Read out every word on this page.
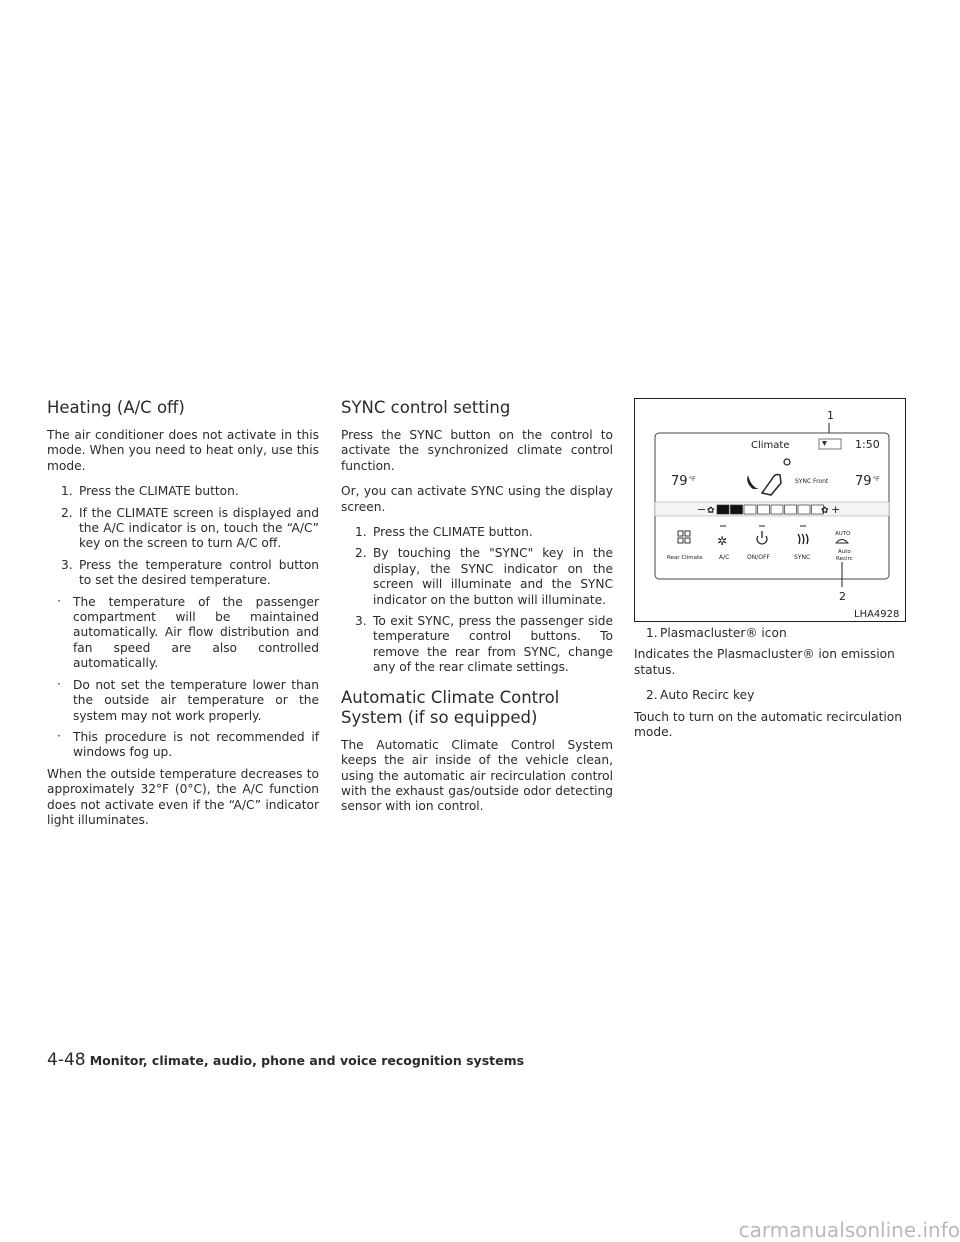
Heating (A/C off)

The air conditioner does not activate in this mode. When you need to heat only, use this mode.

1. Press the CLIMATE button.
2. If the CLIMATE screen is displayed and the A/C indicator is on, touch the “A/C” key on the screen to turn A/C off.
3. Press the temperature control button to set the desired temperature.
· The temperature of the passenger compartment will be maintained automatically. Air flow distribution and fan speed are also controlled automatically.
· Do not set the temperature lower than the outside air temperature or the system may not work properly.
· This procedure is not recommended if windows fog up.

When the outside temperature decreases to approximately 32°F (0°C), the A/C function does not activate even if the “A/C” indicator light illuminates.

SYNC control setting

Press the SYNC button on the control to activate the synchronized climate control function.

Or, you can activate SYNC using the display screen.

1. Press the CLIMATE button.
2. By touching the "SYNC" key in the display, the SYNC indicator on the screen will illuminate and the SYNC indicator on the button will illuminate.
3. To exit SYNC, press the passenger side temperature control buttons. To remove the rear from SYNC, change any of the rear climate settings.
Automatic Climate Control System (if so equipped)

The Automatic Climate Control System keeps the air inside of the vehicle clean, using the automatic air recirculation control with the exhaust gas/outside odor detecting sensor with ion control.

1
Climate	1:50
79 °F	79 °F
SYNC Front
− ✿	✿ +
Rear Climate
✲
A/C	ON/OFF	SYNC
AUTO
Auto
Recirc
2
LHA4928
1. Plasmacluster® icon

Indicates the Plasmacluster® ion emission status.

2. Auto Recirc key

Touch to turn on the automatic recirculation mode.

4-48 Monitor, climate, audio, phone and voice recognition systems
carmanualsonline.info
